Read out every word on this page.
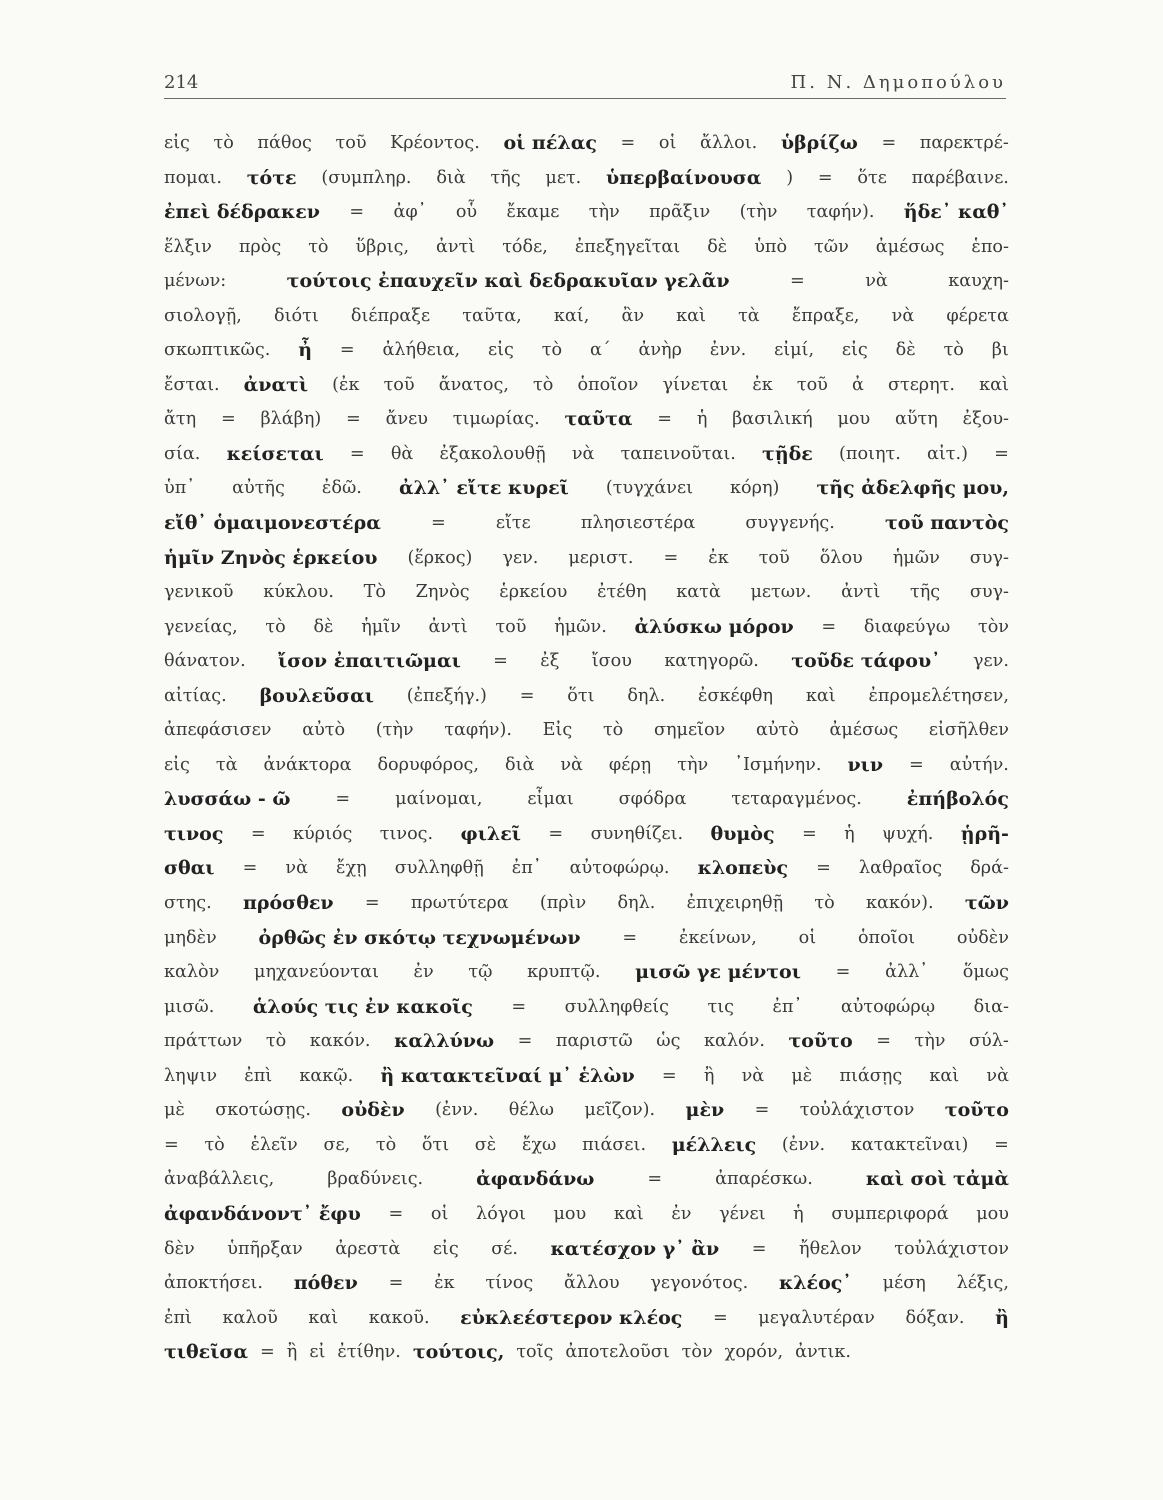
214	Π. Ν. Δημοπούλου
εἰς τὸ πάθος τοῦ Κρέοντος. οἱ πέλας = οἱ ἄλλοι. ὑβρίζω = παρεκτρέ-
πομαι. τότε (συμπληρ. διὰ τῆς μετ. ὑπερβαίνουσα ) = ὅτε παρέβαινε.
ἐπεὶ δέδρακεν = ἀφ᾿ οὗ ἔκαμε τὴν πρᾶξιν (τὴν ταφήν). ἥδε᾿ καθ᾿
ἕλξιν πρὸς τὸ ὕβρις, ἀντὶ τόδε, ἐπεξηγεῖται δὲ ὑπὸ τῶν ἀμέσως ἑπο-
μένων:	τούτοις ἐπαυχεῖν καὶ δεδρακυῖαν γελᾶν	=	νὰ	καυχη-
σιολογῇ, διότι διέπραξε ταῦτα, καί, ἂν καὶ τὰ ἔπραξε, νὰ φέρετα
σκωπτικῶς. ἦ = ἀλήθεια, εἰς τὸ α´ ἀνὴρ ἐνν. εἰμί, εἰς δὲ τὸ βι
ἔσται. ἀνατὶ (ἐκ τοῦ ἄνατος, τὸ ὁποῖον γίνεται ἐκ τοῦ ἀ στερητ. καὶ
ἄτη = βλάβη) = ἄνευ τιμωρίας. ταῦτα = ἡ βασιλική μου αὕτη ἐξου-
σία. κείσεται = θὰ ἐξακολουθῇ νὰ ταπεινοῦται. τῇδε (ποιητ. αἰτ.) =
ὑπ᾿ αὐτῆς ἐδῶ. ἀλλ᾿ εἴτε κυρεῖ (τυγχάνει κόρη) τῆς ἀδελφῆς μου,
εἴθ᾿ ὁμαιμονεστέρα	=	εἴτε	πλησιεστέρα	συγγενής.	τοῦ παντὸς
ἡμῖν Ζηνὸς ἑρκείου (ἕρκος) γεν. μεριστ. = ἐκ τοῦ ὅλου ἡμῶν συγ-
γενικοῦ κύκλου. Τὸ Ζηνὸς ἑρκείου ἐτέθη κατὰ μετων. ἀντὶ τῆς συγ-
γενείας, τὸ δὲ ἡμῖν ἀντὶ τοῦ ἡμῶν. ἀλύσκω μόρον = διαφεύγω τὸν
θάνατον. ἴσον ἐπαιτιῶμαι = ἐξ ἴσου κατηγορῶ. τοῦδε τάφου᾿ γεν.
αἰτίας. βουλεῦσαι (ἐπεξήγ.) = ὅτι δηλ. ἐσκέφθη καὶ ἐπρομελέτησεν,
ἀπεφάσισεν αὐτὸ (τὴν ταφήν). Εἰς τὸ σημεῖον αὐτὸ ἀμέσως εἰσῆλθεν
εἰς τὰ ἀνάκτορα δορυφόρος, διὰ νὰ φέρῃ τὴν ᾿Ισμήνην. νιν = αὐτήν.
λυσσάω - ῶ	=	μαίνομαι,	εἶμαι	σφόδρα	τεταραγμένος. ἐπήβολός
τινος = κύριός τινος. φιλεῖ = συνηθίζει. θυμὸς = ἡ ψυχή. ᾑρῆ-
σθαι = νὰ ἔχῃ συλληφθῇ ἐπ᾿ αὐτοφώρῳ. κλοπεὺς = λαθραῖος δρά-
στης. πρόσθεν = πρωτύτερα (πρὶν δηλ. ἐπιχειρηθῇ τὸ κακόν). τῶν
μηδὲν ὀρθῶς ἐν σκότῳ τεχνωμένων = ἐκείνων, οἱ ὁποῖοι οὐδὲν
καλὸν μηχανεύονται ἐν τῷ κρυπτῷ. μισῶ γε μέντοι = ἀλλ᾿ ὅμως
μισῶ. ἁλούς τις ἐν κακοῖς = συλληφθείς τις ἐπ᾿ αὐτοφώρῳ δια-
πράττων τὸ κακόν. καλλύνω = παριστῶ ὡς καλόν. τοῦτο = τὴν σύλ-
ληψιν ἐπὶ κακῷ. ἢ κατακτεῖναί μ᾿ ἑλὼν = ἢ νὰ μὲ πιάσῃς καὶ νὰ
μὲ σκοτώσῃς. οὐδὲν (ἐνν. θέλω μεῖζον). μὲν = τοὐλάχιστον τοῦτο
= τὸ ἑλεῖν σε, τὸ ὅτι σὲ ἔχω πιάσει. μέλλεις (ἐνν. κατακτεῖναι) =
ἀναβάλλεις,	βραδύνεις.	ἀφανδάνω	=	ἀπαρέσκω.	καὶ σοὶ τἀμὰ
ἀφανδάνοντ᾿ ἔφυ = οἱ λόγοι μου καὶ ἐν γένει ἡ συμπεριφορά μου
δὲν ὑπῆρξαν ἀρεστὰ εἰς σέ. κατέσχον γ᾿ ἂν = ἤθελον τοὐλάχιστον
ἀποκτήσει. πόθεν = ἐκ τίνος ἄλλου γεγονότος. κλέος᾿ μέση λέξις,
ἐπὶ καλοῦ καὶ κακοῦ. εὐκλεέστερον κλέος = μεγαλυτέραν δόξαν. ἢ
τιθεῖσα = ἢ εἰ ἐτίθην. τούτοις, τοῖς ἀποτελοῦσι τὸν χορόν, ἀντικ.
